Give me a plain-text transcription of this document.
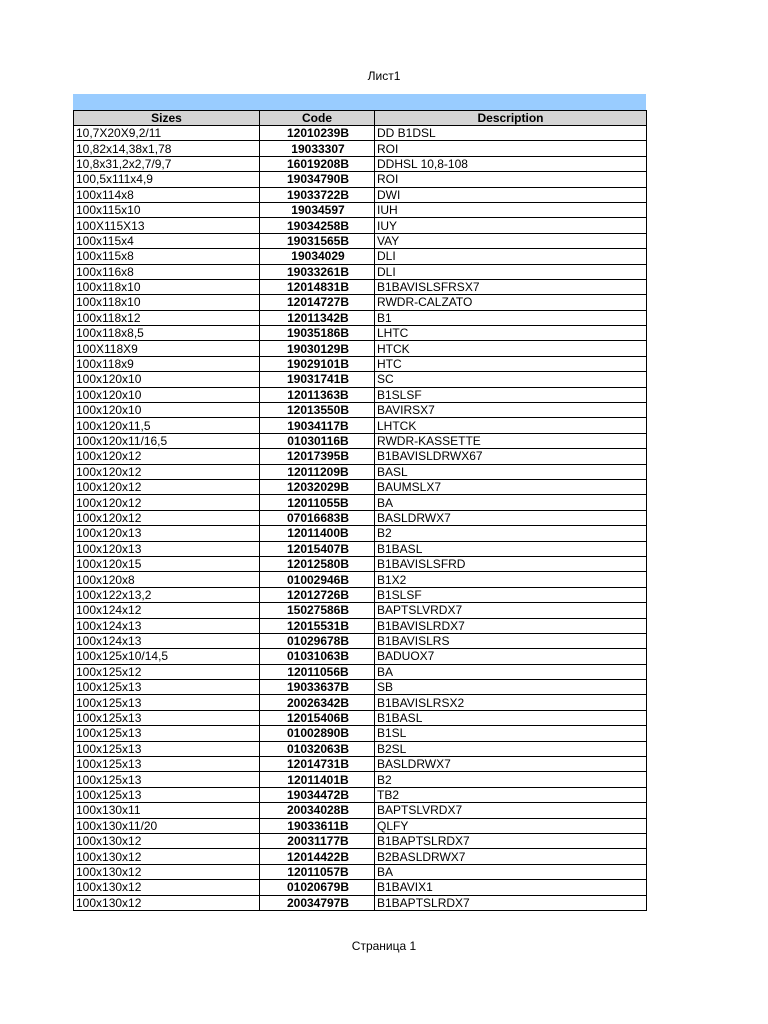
Лист1
Sizes	Code	Description
10,7X20X9,2/11	12010239B	DD B1DSL
10,82x14,38x1,78	19033307	ROI
10,8x31,2x2,7/9,7	16019208B	DDHSL 10,8-108
100,5x111x4,9	19034790B	ROI
100x114x8	19033722B	DWI
100x115x10	19034597	IUH
100X115X13	19034258B	IUY
100x115x4	19031565B	VAY
100x115x8	19034029	DLI
100x116x8	19033261B	DLI
100x118x10	12014831B	B1BAVISLSFRSX7
100x118x10	12014727B	RWDR-CALZATO
100x118x12	12011342B	B1
100x118x8,5	19035186B	LHTC
100X118X9	19030129B	HTCK
100x118x9	19029101B	HTC
100x120x10	19031741B	SC
100x120x10	12011363B	B1SLSF
100x120x10	12013550B	BAVIRSX7
100x120x11,5	19034117B	LHTCK
100x120x11/16,5	01030116B	RWDR-KASSETTE
100x120x12	12017395B	B1BAVISLDRWX67
100x120x12	12011209B	BASL
100x120x12	12032029B	BAUMSLX7
100x120x12	12011055B	BA
100x120x12	07016683B	BASLDRWX7
100x120x13	12011400B	B2
100x120x13	12015407B	B1BASL
100x120x15	12012580B	B1BAVISLSFRD
100x120x8	01002946B	B1X2
100x122x13,2	12012726B	B1SLSF
100x124x12	15027586B	BAPTSLVRDX7
100x124x13	12015531B	B1BAVISLRDX7
100x124x13	01029678B	B1BAVISLRS
100x125x10/14,5	01031063B	BADUOX7
100x125x12	12011056B	BA
100x125x13	19033637B	SB
100x125x13	20026342B	B1BAVISLRSX2
100x125x13	12015406B	B1BASL
100x125x13	01002890B	B1SL
100x125x13	01032063B	B2SL
100x125x13	12014731B	BASLDRWX7
100x125x13	12011401B	B2
100x125x13	19034472B	TB2
100x130x11	20034028B	BAPTSLVRDX7
100x130x11/20	19033611B	QLFY
100x130x12	20031177B	B1BAPTSLRDX7
100x130x12	12014422B	B2BASLDRWX7
100x130x12	12011057B	BA
100x130x12	01020679B	B1BAVIX1
100x130x12	20034797B	B1BAPTSLRDX7
Страница 1
